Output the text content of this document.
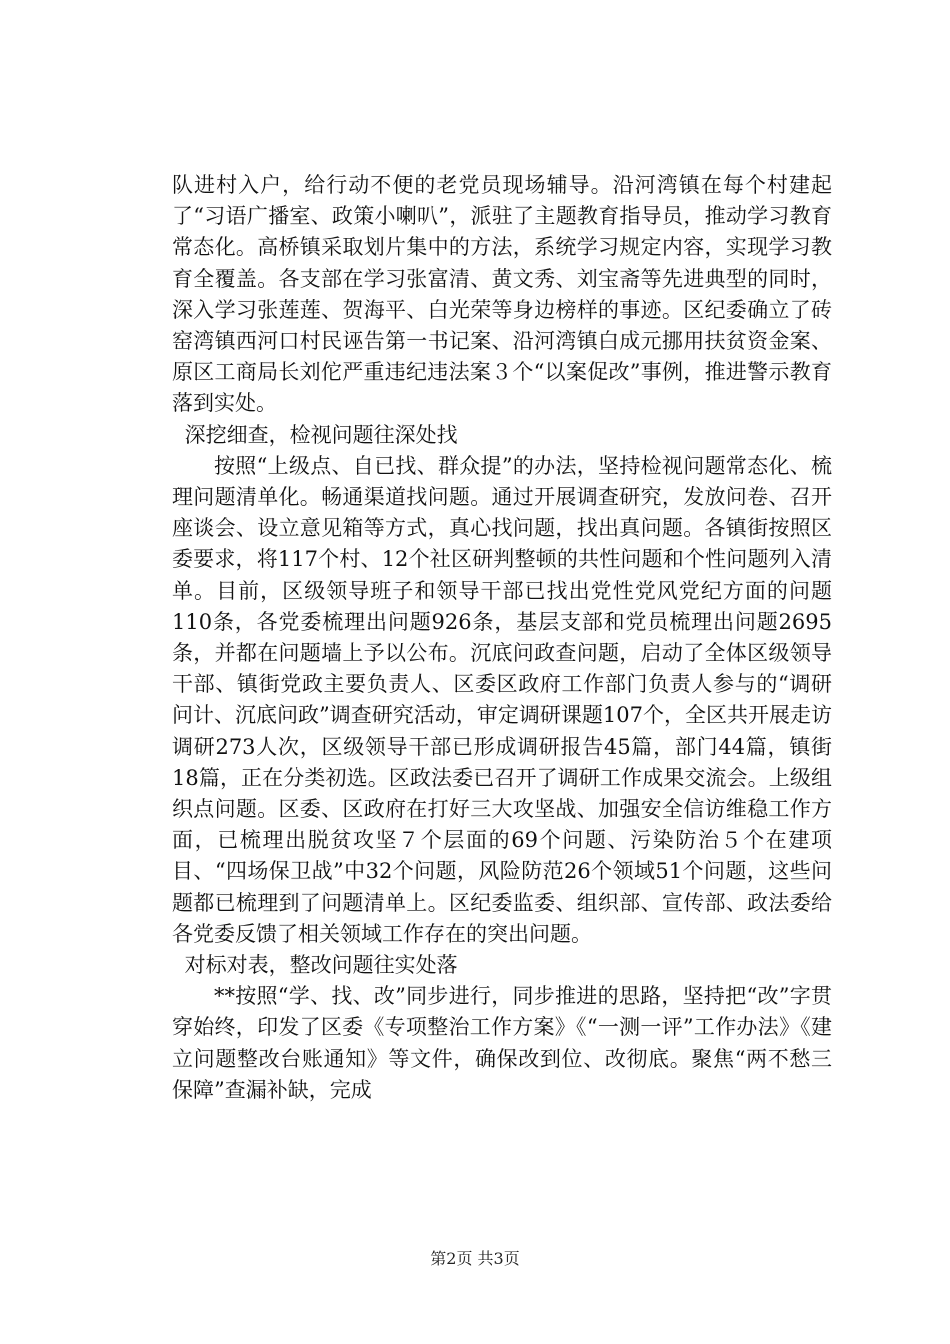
队进村入户，给行动不便的老党员现场辅导。沿河湾镇在每个村建起了“习语广播室、政策小喇叭”，派驻了主题教育指导员，推动学习教育常态化。高桥镇采取划片集中的方法，系统学习规定内容，实现学习教育全覆盖。各支部在学习张富清、黄文秀、刘宝斋等先进典型的同时，深入学习张莲莲、贺海平、白光荣等身边榜样的事迹。区纪委确立了砖窑湾镇西河口村民诬告第一书记案、沿河湾镇白成元挪用扶贫资金案、原区工商局长刘佗严重违纪违法案３个“以案促改”事例，推进警示教育落到实处。

深挖细查，检视问题往深处找

按照“上级点、自已找、群众提”的办法，坚持检视问题常态化、梳理问题清单化。畅通渠道找问题。通过开展调查研究，发放问卷、召开座谈会、设立意见箱等方式，真心找问题，找出真问题。各镇街按照区委要求，将117个村、12个社区研判整顿的共性问题和个性问题列入清单。目前，区级领导班子和领导干部已找出党性党风党纪方面的问题110条，各党委梳理出问题926条，基层支部和党员梳理出问题2695条，并都在问题墙上予以公布。沉底问政查问题，启动了全体区级领导干部、镇街党政主要负责人、区委区政府工作部门负责人参与的“调研问计、沉底问政”调查研究活动，审定调研课题107个，全区共开展走访调研273人次，区级领导干部已形成调研报告45篇，部门44篇，镇街18篇，正在分类初选。区政法委已召开了调研工作成果交流会。上级组织点问题。区委、区政府在打好三大攻坚战、加强安全信访维稳工作方面，已梳理出脱贫攻坚７个层面的69个问题、污染防治５个在建项目、“四场保卫战”中32个问题，风险防范26个领域51个问题，这些问题都已梳理到了问题清单上。区纪委监委、组织部、宣传部、政法委给各党委反馈了相关领域工作存在的突出问题。

对标对表，整改问题往实处落

**按照“学、找、改”同步进行，同步推进的思路，坚持把“改”字贯穿始终，印发了区委《专项整治工作方案》《“一测一评”工作办法》《建立问题整改台账通知》等文件，确保改到位、改彻底。聚焦“两不愁三保障”查漏补缺，完成

第2页 共3页
